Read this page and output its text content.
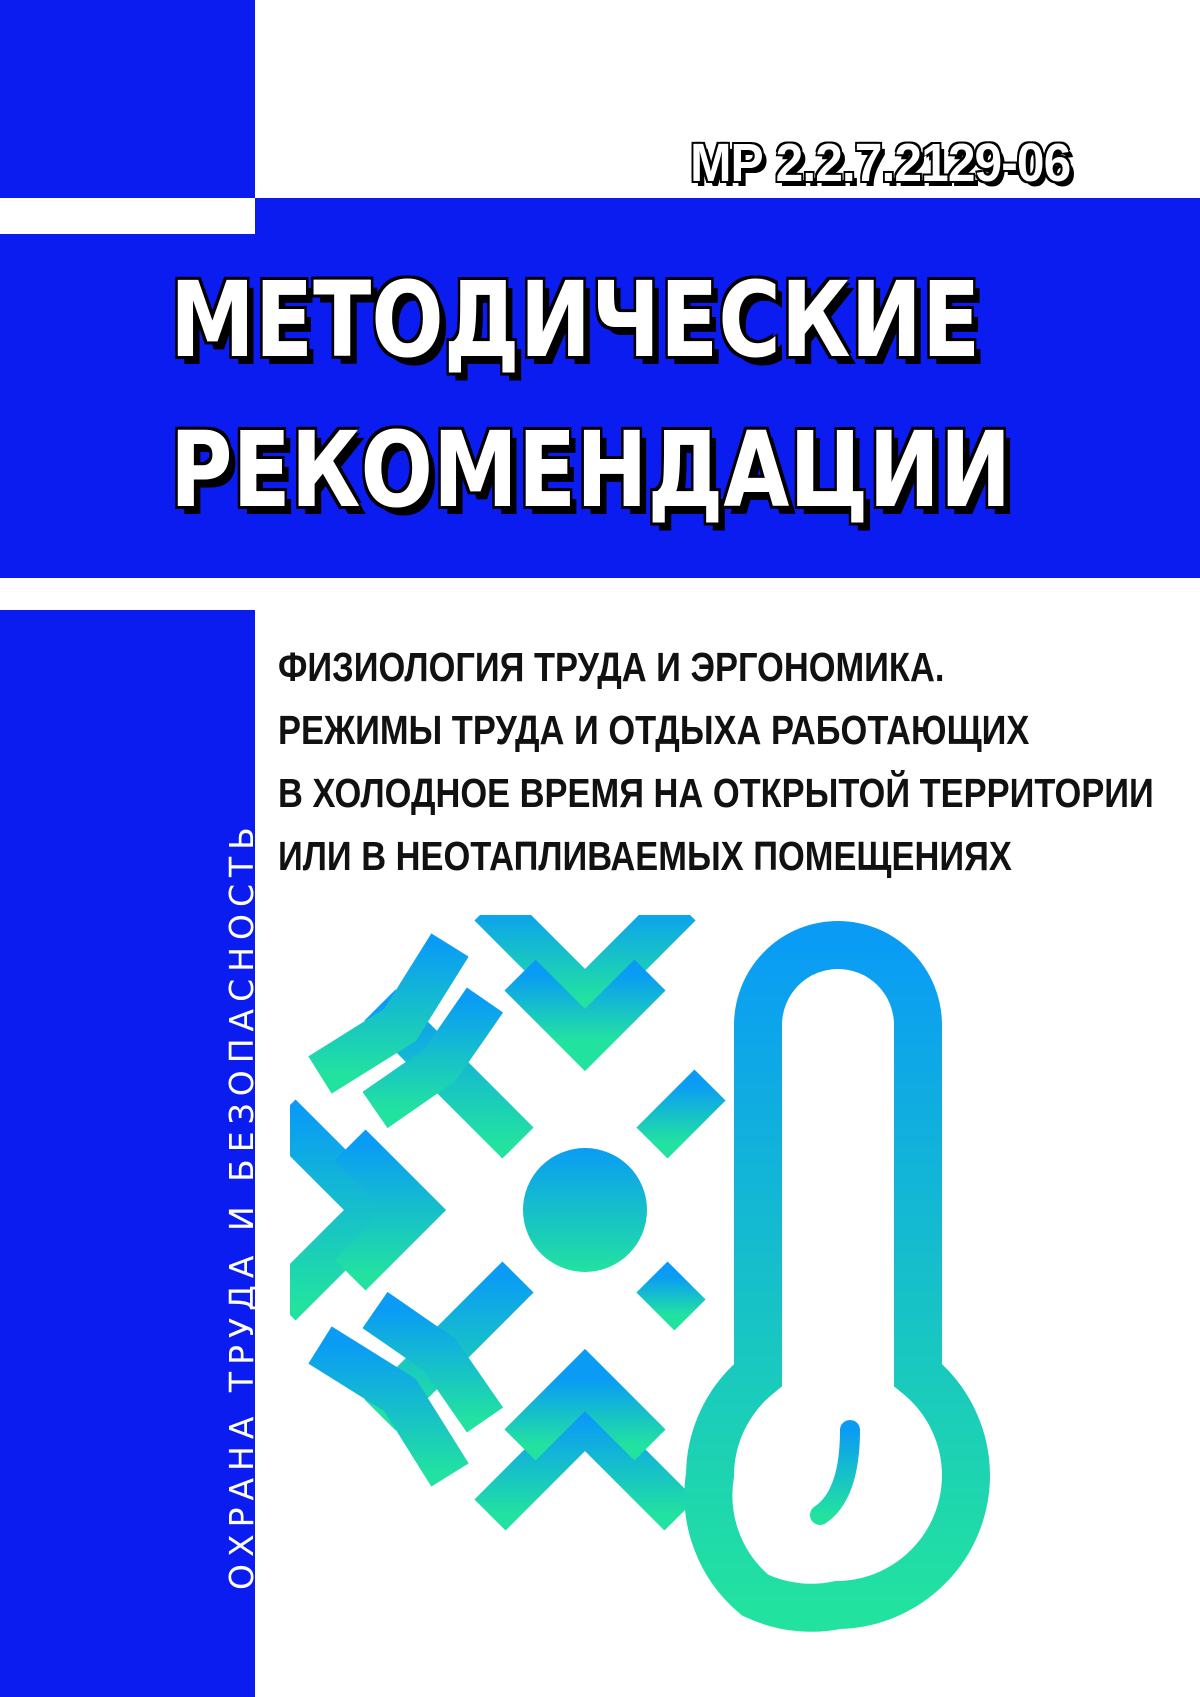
МР 2.2.7.2129-06
МЕТОДИЧЕСКИЕ
РЕКОМЕНДАЦИИ
ФИЗИОЛОГИЯ ТРУДА И ЭРГОНОМИКА.
РЕЖИМЫ ТРУДА И ОТДЫХА РАБОТАЮЩИХ
В ХОЛОДНОЕ ВРЕМЯ НА ОТКРЫТОЙ ТЕРРИТОРИИ
ИЛИ В НЕОТАПЛИВАЕМЫХ ПОМЕЩЕНИЯХ
ОХРАНА ТРУДА И БЕЗОПАСНОСТЬ
